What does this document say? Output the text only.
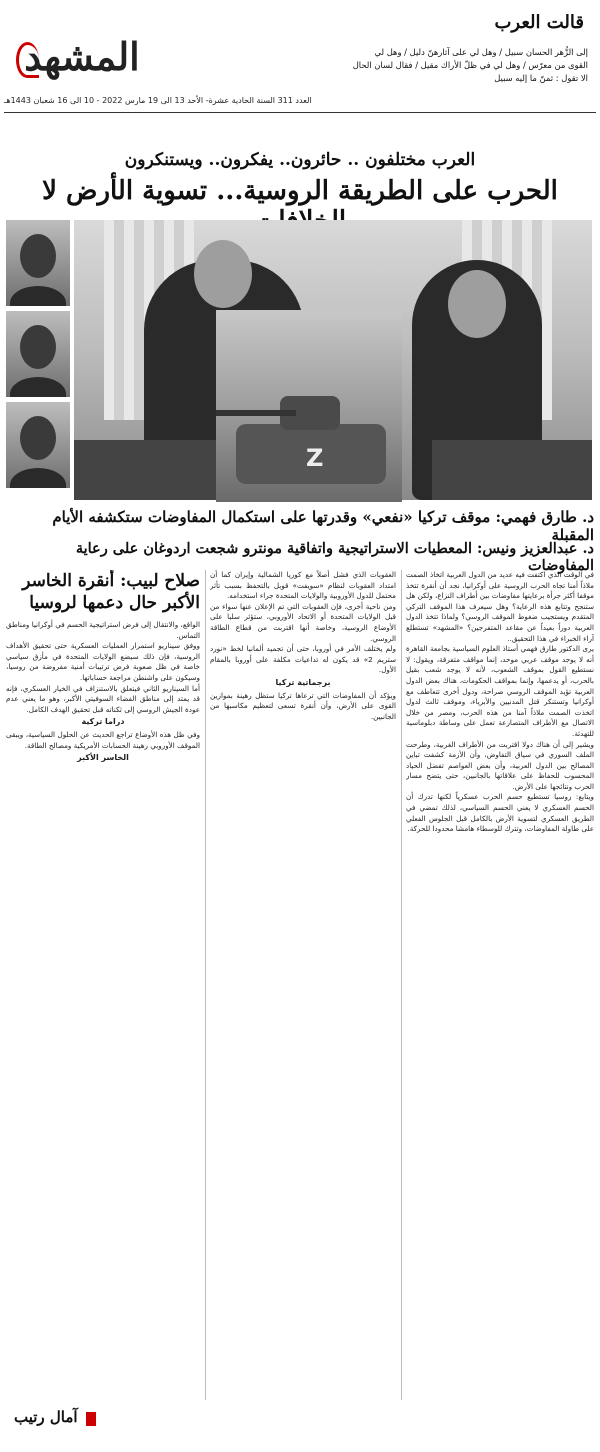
المشهد
قالت العرب
إلى الزُّهر الحسان سبيل / وهل لي على آثارهنّ دليل / وهل لي
القوى من معرّس / وهل لي في ظلّ الأراك مقيل / فقال لسان الحال
الا تقول : ثمنّ ما إليه سبيل
العدد 311 السنة الحادية عشرة- الأحد 13 الى 19 مارس 2022 - 10 الى 16 شعبان 1443هـ
العرب مختلفون .. حائرون.. يفكرون.. ويستنكرون
الحرب على الطريقة الروسية... تسوية الأرض لا
د. طارق فهمي: موقف تركيا «نفعي» وقدرتها على استكمال المفاوضات ستكشفه الأيام المقبلة
د. عبدالعزيز ونيس: المعطيات الاستراتيجية واتفاقية مونترو شجعت اردوغان على رعاية المفاوضات

في الوقت الذي اكتفت فيه عديد من الدول العربية اتخاذ الصمت ملاذاً أمنا تجاه الحرب الروسية على أوكرانيا، نجد أن أنقرة تتخذ موقفا أكثر جرأة برعايتها مفاوضات بين أطراف النزاع، ولكن هل ستنجح وتتابع هذه الرعاية؟ وهل سيعرف هذا الموقف التركي المتقدم ويستجيب ضغوط الموقف الروسي؟ ولماذا تتخذ الدول العربية دوراً بعيداً عن مقاعد المتفرجين؟ «المشهد» تستطلع آراء الخبراء في هذا التحقيق..

يرى الدكتور طارق فهمي أستاذ العلوم السياسية بجامعة القاهرة أنه لا يوجد موقف عربي موحد، إنما مواقف متفرقة، ويقول: لا نستطيع القول بموقف الشعوب، لأنه لا يوجد شعب بقيل بالحرب، أو يدعمها، وإنما بمواقف الحكومات، هناك بعض الدول العربية تؤيد الموقف الروسي صراحة، ودول أخرى تتعاطف مع أوكرانيا وتستنكر قتل المدنيين والأبرياء، وموقف ثالث لدول اتخذت الصمت ملاذاً آمنا من هذه الحرب، ومصر من خلال الاتصال مع الأطراف المتصارعة تعمل على وساطة دبلوماسية للتهدئة.

ويشير إلى أن هناك دولا اقتربت من الأطراف الغربية، وطرحت الملف السوري في سياق التفاوض، وأن الأزمة كشفت تباين المصالح بين الدول العربية، وأن بعض العواصم تفضل الحياد المحسوب للحفاظ على علاقاتها بالجانبين، حتى يتضح مسار الحرب ونتائجها على الأرض.

ويتابع: روسيا تستطيع حسم الحرب عسكرياً لكنها تدرك أن الحسم العسكري لا يعني الحسم السياسي، لذلك تمضي في الطريق العسكري لتسوية الأرض بالكامل قبل الجلوس الفعلي على طاولة المفاوضات، وتترك للوسطاء هامشا محدودا للحركة.

العقوبات الذي فشل أصلاً مع كوريا الشمالية وإيران كما أن امتداد العقوبات لنظام «سويفت» قوبل بالتحفظ بسبب تأثر محتمل للدول الأوروبية والولايات المتحدة جراء استخدامه.

ومن ناحية أخرى، فإن العقوبات التي تم الإعلان عنها سواء من قبل الولايات المتحدة أو الاتحاد الأوروبي، ستؤثر سلبا على الأوضاع الروسية، وخاصة أنها اقتربت من قطاع الطاقة الروسي.

ولم يختلف الأمر في أوروبا، حتى أن تجميد ألمانيا لخط «نورد ستريم 2» قد يكون له تداعيات مكلفة على أوروبا بالمقام الأول.

برجماتية تركيا

ويؤكد أن المفاوضات التي ترعاها تركيا ستظل رهينة بموازين القوى على الأرض، وأن أنقرة تسعى لتعظيم مكاسبها من الجانبين.

صلاح لبيب: أنقرة الخاسر الأكبر حال دعمها لروسيا

الواقع، والانتقال إلى فرض استراتيجية الحسم في أوكرانيا ومناطق التماس.

ووفق سيناريو استمرار العمليات العسكرية حتى تحقيق الأهداف الروسية، فإن ذلك سيضع الولايات المتحدة في مأزق سياسي خاصة في ظل صعوبة فرض ترتيبات أمنية مفروضة من روسيا، وسيكون على واشنطن مراجعة حساباتها.

أما السيناريو الثاني فيتعلق بالاستنزاف في الخيار العسكري، فإنه قد يمتد إلى مناطق الفضاء السوفيتي الأكبر، وهو ما يعني عدم عودة الجيش الروسي إلى ثكناته قبل تحقيق الهدف الكامل.

دراما تركية

وفي ظل هذه الأوضاع تراجع الحديث عن الحلول السياسية، ويبقى الموقف الأوروبي رهينة الحسابات الأمريكية ومصالح الطاقة.

الخاسر الأكبر
Z
آمال رتيب
